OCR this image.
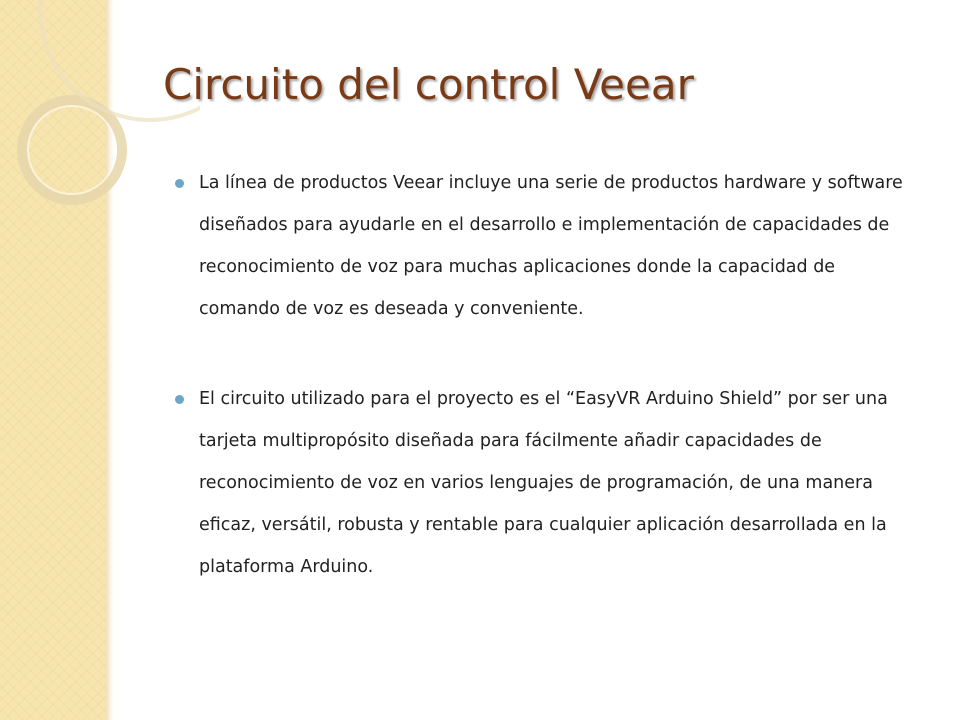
Circuito del control Veear
La línea de productos Veear incluye una serie de productos hardware y software diseñados para ayudarle en el desarrollo e implementación de capacidades de reconocimiento de voz para muchas aplicaciones donde la capacidad de comando de voz es deseada y conveniente.
El circuito utilizado para el proyecto es el “EasyVR Arduino Shield” por ser una tarjeta multipropósito diseñada para fácilmente añadir capacidades de reconocimiento de voz en varios lenguajes de programación, de una manera eficaz, versátil, robusta y rentable para cualquier aplicación desarrollada en la plataforma Arduino.
